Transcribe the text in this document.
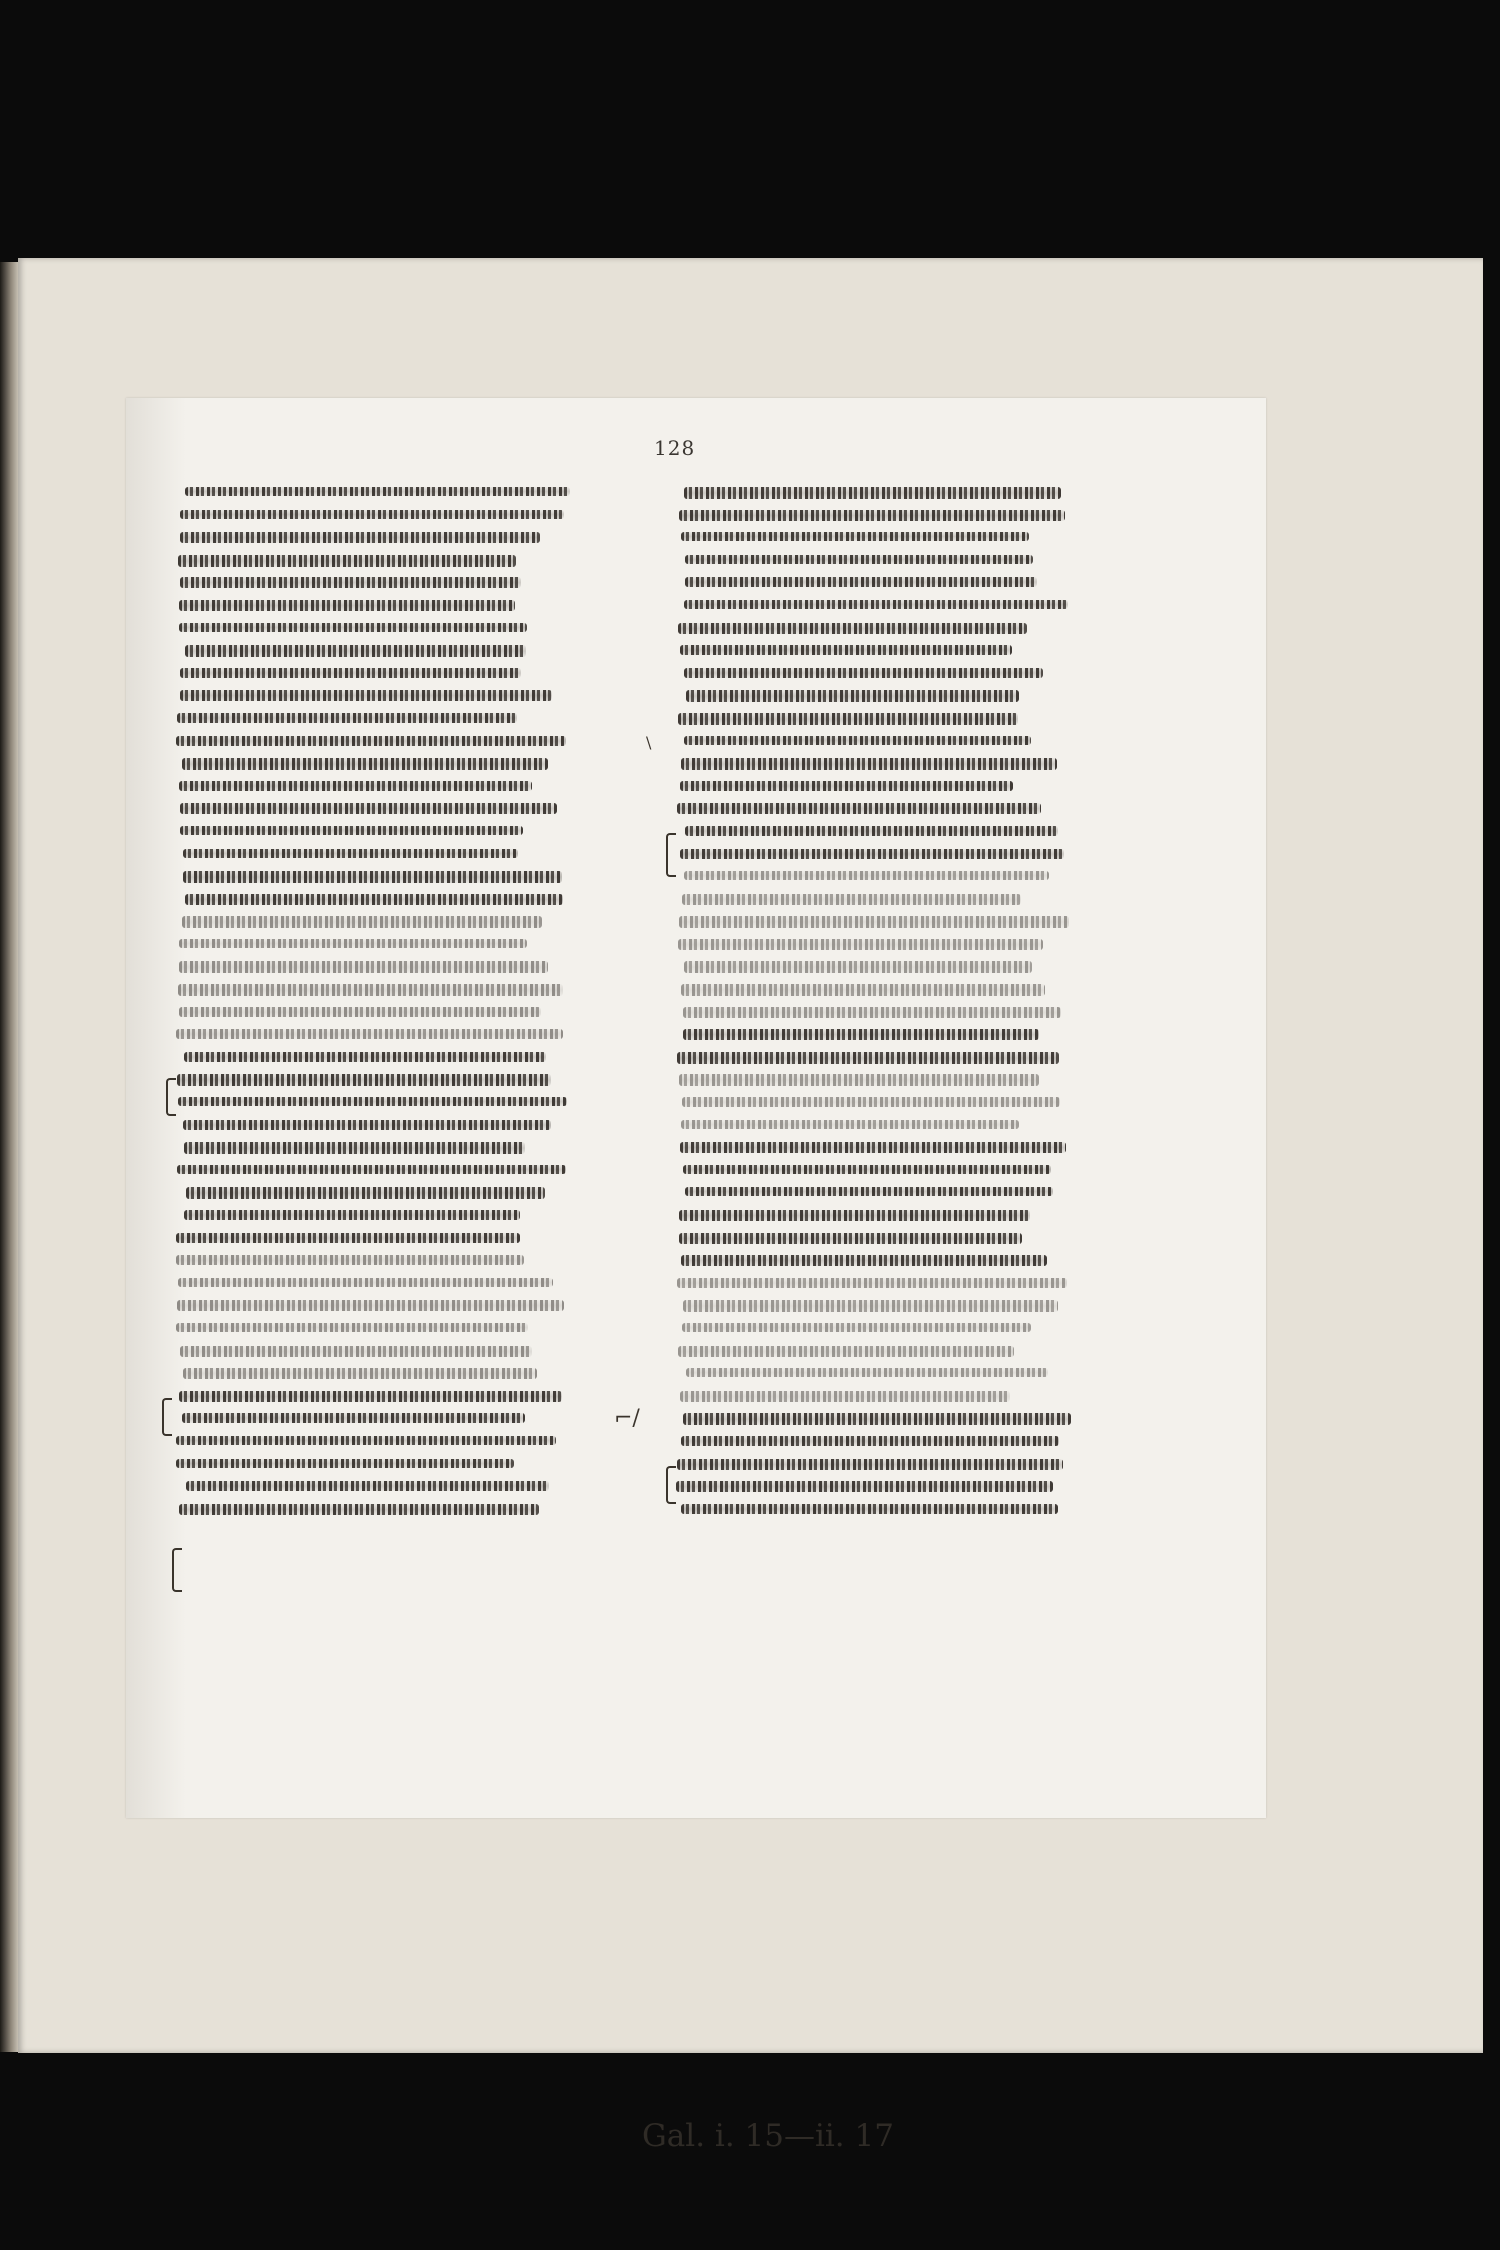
128
⌐/
\
Gal. i. 15—ii. 17
